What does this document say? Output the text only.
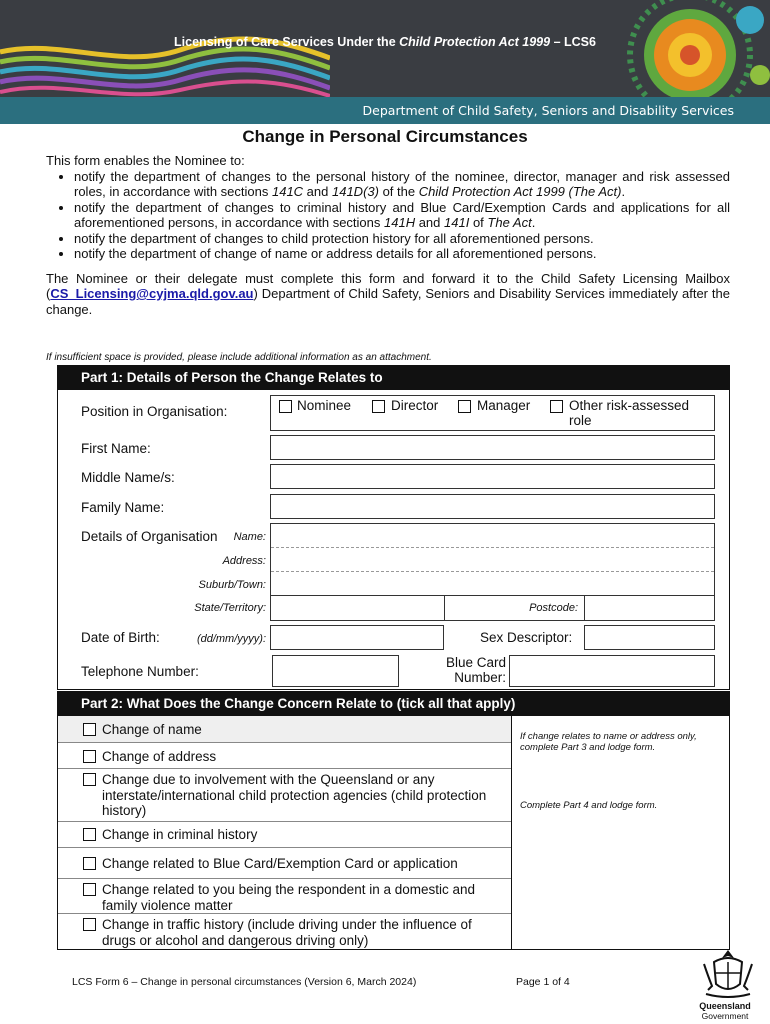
Licensing of Care Services Under the Child Protection Act 1999 – LCS6
Department of Child Safety, Seniors and Disability Services
Change in Personal Circumstances

This form enables the Nominee to:

• notify the department of changes to the personal history of the nominee, director, manager and risk assessed roles, in accordance with sections 141C and 141D(3) of the Child Protection Act 1999 (The Act).
• notify the department of changes to criminal history and Blue Card/Exemption Cards and applications for all aforementioned persons, in accordance with sections 141H and 141I of The Act.
• notify the department of changes to child protection history for all aforementioned persons.
• notify the department of change of name or address details for all aforementioned persons.

The Nominee or their delegate must complete this form and forward it to the Child Safety Licensing Mailbox (CS_Licensing@cyjma.qld.gov.au) Department of Child Safety, Seniors and Disability Services immediately after the change.

If insufficient space is provided, please include additional information as an attachment.
Part 1: Details of Person the Change Relates to
Position in Organisation:	Nominee	Director	Manager	Other risk-assessed role
First Name:
Middle Name/s:
Family Name:
Details of Organisation	Name:
Address:
Suburb/Town:
State/Territory:	Postcode:
Date of Birth:	(dd/mm/yyyy):	Sex Descriptor:
Telephone Number:
Blue Card Number:
Part 2: What Does the Change Concern Relate to (tick all that apply)
Change of name
Change of address
Change due to involvement with the Queensland or any interstate/international child protection agencies (child protection history)
Change in criminal history
Change related to Blue Card/Exemption Card or application
Change related to you being the respondent in a domestic and family violence matter
Change in traffic history (include driving under the influence of drugs or alcohol and dangerous driving only)
If change relates to name or address only, complete Part 3 and lodge form.
Complete Part 4 and lodge form.
LCS Form 6 – Change in personal circumstances (Version 6, March 2024)	Page 1 of 4
Queensland
Government
